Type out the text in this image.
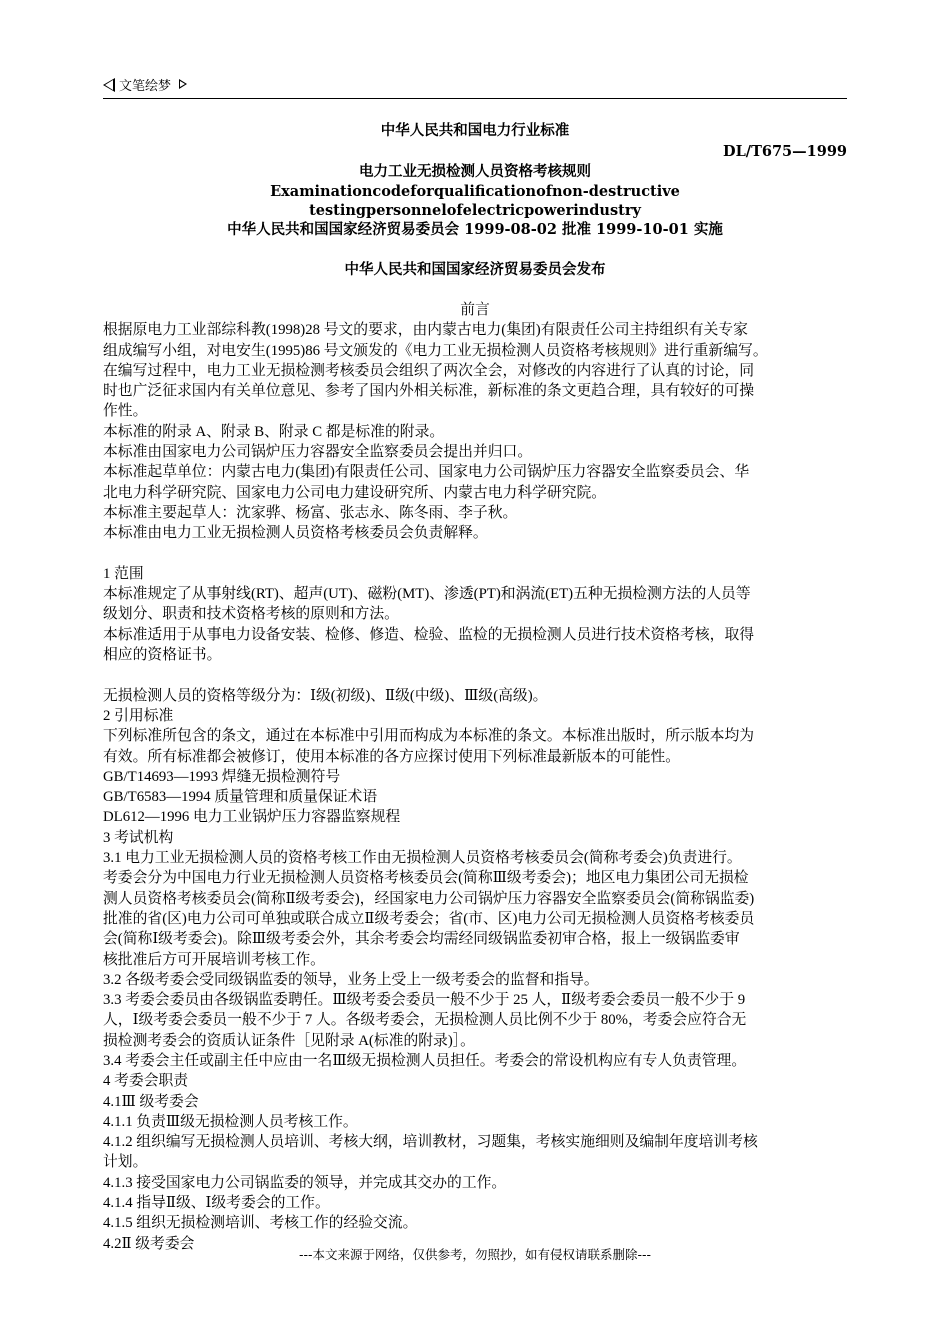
文笔绘梦
中华人民共和国电力行业标准
DL/T675—1999
电力工业无损检测人员资格考核规则
Examinationcodeforqualificationofnon-destructive
testingpersonnelofelectricpowerindustry
中华人民共和国国家经济贸易委员会 1999-08-02 批准 1999-10-01 实施
中华人民共和国国家经济贸易委员会发布

前言

根据原电力工业部综科教(1998)28 号文的要求，由内蒙古电力(集团)有限责任公司主持组织有关专家

组成编写小组，对电安生(1995)86 号文颁发的《电力工业无损检测人员资格考核规则》进行重新编写。

在编写过程中，电力工业无损检测考核委员会组织了两次全会，对修改的内容进行了认真的讨论，同

时也广泛征求国内有关单位意见、参考了国内外相关标准，新标准的条文更趋合理，具有较好的可操

作性。

本标准的附录 A、附录 B、附录 C 都是标准的附录。

本标准由国家电力公司锅炉压力容器安全监察委员会提出并归口。

本标准起草单位：内蒙古电力(集团)有限责任公司、国家电力公司锅炉压力容器安全监察委员会、华

北电力科学研究院、国家电力公司电力建设研究所、内蒙古电力科学研究院。

本标准主要起草人：沈家骅、杨富、张志永、陈冬雨、李子秋。

本标准由电力工业无损检测人员资格考核委员会负责解释。

1 范围

本标准规定了从事射线(RT)、超声(UT)、磁粉(MT)、渗透(PT)和涡流(ET)五种无损检测方法的人员等

级划分、职责和技术资格考核的原则和方法。

本标准适用于从事电力设备安装、检修、修造、检验、监检的无损检测人员进行技术资格考核，取得

相应的资格证书。

无损检测人员的资格等级分为：Ⅰ级(初级)、Ⅱ级(中级)、Ⅲ级(高级)。

2 引用标准

下列标准所包含的条文，通过在本标准中引用而构成为本标准的条文。本标准出版时，所示版本均为

有效。所有标准都会被修订，使用本标准的各方应探讨使用下列标准最新版本的可能性。

GB/T14693—1993 焊缝无损检测符号

GB/T6583—1994 质量管理和质量保证术语

DL612—1996 电力工业锅炉压力容器监察规程

3 考试机构

3.1 电力工业无损检测人员的资格考核工作由无损检测人员资格考核委员会(简称考委会)负责进行。

考委会分为中国电力行业无损检测人员资格考核委员会(简称Ⅲ级考委会)；地区电力集团公司无损检

测人员资格考核委员会(简称Ⅱ级考委会)，经国家电力公司锅炉压力容器安全监察委员会(简称锅监委)

批准的省(区)电力公司可单独或联合成立Ⅱ级考委会；省(市、区)电力公司无损检测人员资格考核委员

会(简称Ⅰ级考委会)。除Ⅲ级考委会外，其余考委会均需经同级锅监委初审合格，报上一级锅监委审

核批准后方可开展培训考核工作。

3.2 各级考委会受同级锅监委的领导，业务上受上一级考委会的监督和指导。

3.3 考委会委员由各级锅监委聘任。Ⅲ级考委会委员一般不少于 25 人，Ⅱ级考委会委员一般不少于 9

人，Ⅰ级考委会委员一般不少于 7 人。各级考委会，无损检测人员比例不少于 80%，考委会应符合无

损检测考委会的资质认证条件［见附录 A(标准的附录)］。

3.4 考委会主任或副主任中应由一名Ⅲ级无损检测人员担任。考委会的常设机构应有专人负责管理。

4 考委会职责

4.1Ⅲ 级考委会

4.1.1 负责Ⅲ级无损检测人员考核工作。

4.1.2 组织编写无损检测人员培训、考核大纲，培训教材，习题集，考核实施细则及编制年度培训考核

计划。

4.1.3 接受国家电力公司锅监委的领导，并完成其交办的工作。

4.1.4 指导Ⅱ级、Ⅰ级考委会的工作。

4.1.5 组织无损检测培训、考核工作的经验交流。

4.2Ⅱ 级考委会

---本文来源于网络，仅供参考，勿照抄，如有侵权请联系删除---
